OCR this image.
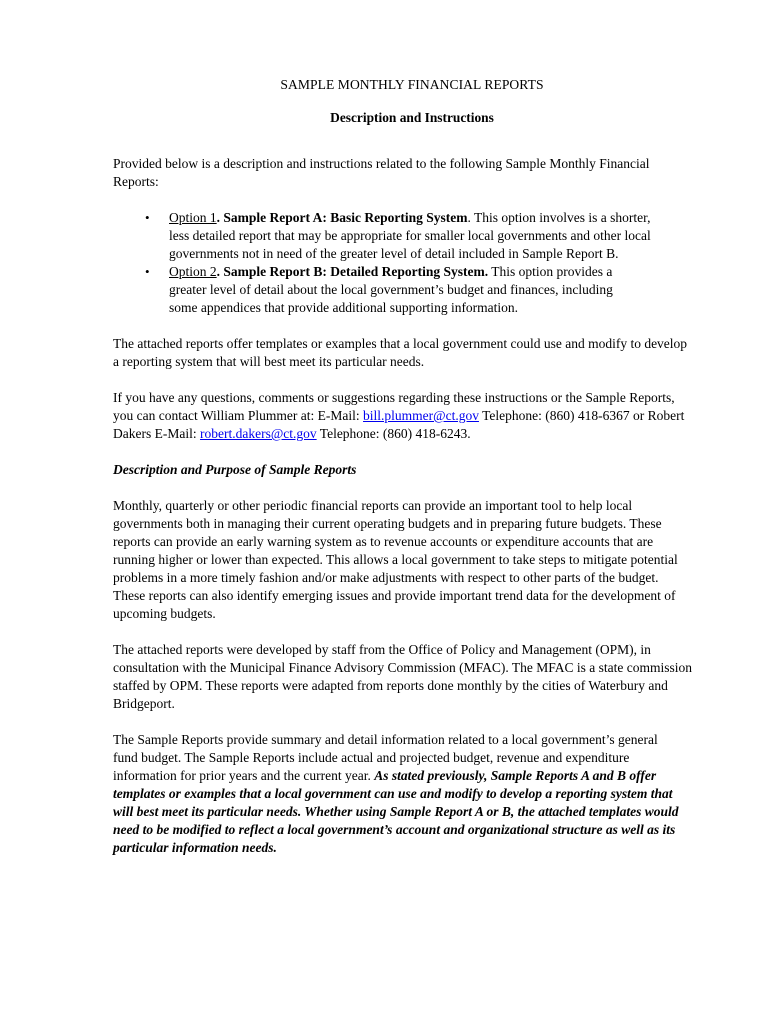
SAMPLE MONTHLY FINANCIAL REPORTS
Description and Instructions

Provided below is a description and instructions related to the following Sample Monthly Financial Reports:

• Option 1. Sample Report A: Basic Reporting System. This option involves is a shorter, less detailed report that may be appropriate for smaller local governments and other local governments not in need of the greater level of detail included in Sample Report B.
• Option 2. Sample Report B: Detailed Reporting System. This option provides a greater level of detail about the local government’s budget and finances, including some appendices that provide additional supporting information.

The attached reports offer templates or examples that a local government could use and modify to develop a reporting system that will best meet its particular needs.

If you have any questions, comments or suggestions regarding these instructions or the Sample Reports, you can contact William Plummer at: E-Mail: bill.plummer@ct.gov Telephone: (860) 418-6367 or Robert Dakers E-Mail: robert.dakers@ct.gov Telephone: (860) 418-6243.

Description and Purpose of Sample Reports

Monthly, quarterly or other periodic financial reports can provide an important tool to help local governments both in managing their current operating budgets and in preparing future budgets. These reports can provide an early warning system as to revenue accounts or expenditure accounts that are running higher or lower than expected. This allows a local government to take steps to mitigate potential problems in a more timely fashion and/or make adjustments with respect to other parts of the budget. These reports can also identify emerging issues and provide important trend data for the development of upcoming budgets.

The attached reports were developed by staff from the Office of Policy and Management (OPM), in consultation with the Municipal Finance Advisory Commission (MFAC). The MFAC is a state commission staffed by OPM. These reports were adapted from reports done monthly by the cities of Waterbury and Bridgeport.

The Sample Reports provide summary and detail information related to a local government’s general fund budget. The Sample Reports include actual and projected budget, revenue and expenditure information for prior years and the current year. As stated previously, Sample Reports A and B offer templates or examples that a local government can use and modify to develop a reporting system that will best meet its particular needs. Whether using Sample Report A or B, the attached templates would need to be modified to reflect a local government’s account and organizational structure as well as its particular information needs.
